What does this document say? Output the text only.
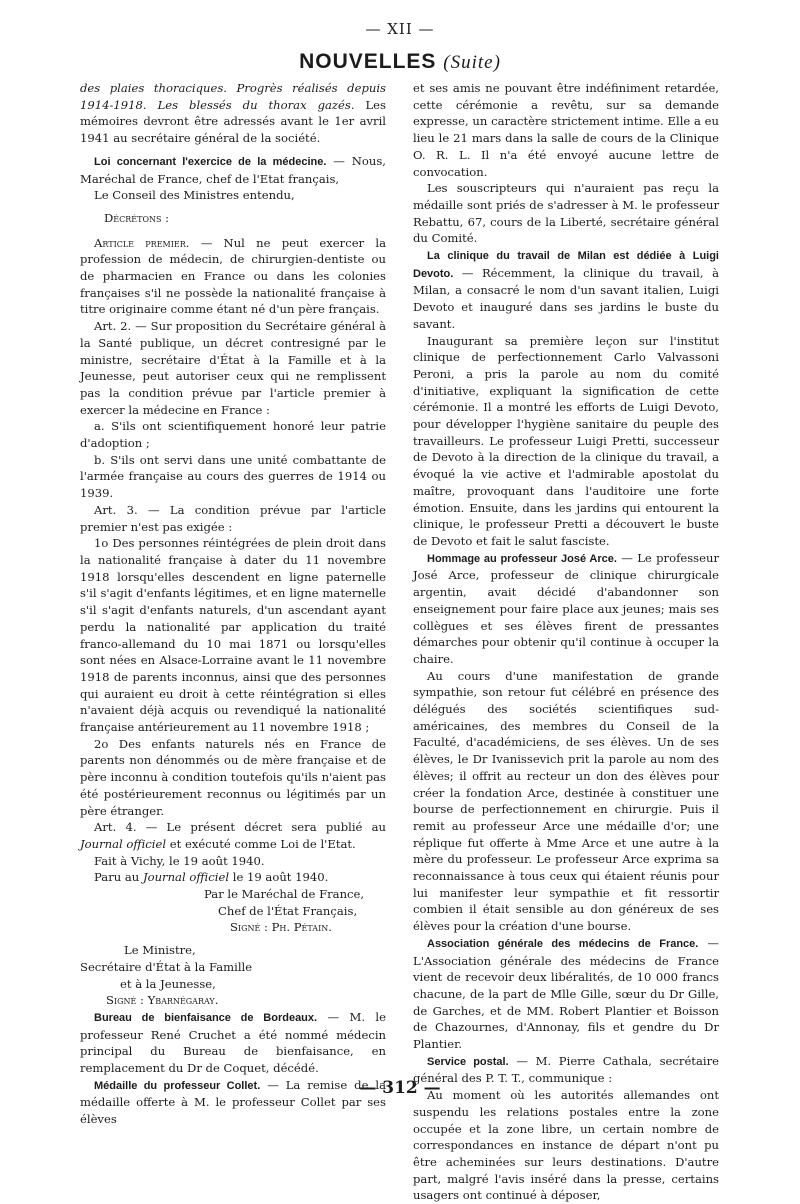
— XII —
NOUVELLES (Suite)

des plaies thoraciques. Progrès réalisés depuis 1914-1918. Les blessés du thorax gazés. Les mémoires devront être adressés avant le 1er avril 1941 au secrétaire général de la société.

Loi concernant l'exercice de la médecine. — Nous, Maréchal de France, chef de l'Etat français,

Le Conseil des Ministres entendu,

Décrétons :

Article premier. — Nul ne peut exercer la profession de médecin, de chirurgien-dentiste ou de pharmacien en France ou dans les colonies françaises s'il ne possède la nationalité française à titre originaire comme étant né d'un père français.

Art. 2. — Sur proposition du Secrétaire général à la Santé publique, un décret contresigné par le ministre, secrétaire d'État à la Famille et à la Jeunesse, peut autoriser ceux qui ne remplissent pas la condition prévue par l'article premier à exercer la médecine en France :

a. S'ils ont scientifiquement honoré leur patrie d'adoption ;

b. S'ils ont servi dans une unité combattante de l'armée française au cours des guerres de 1914 ou 1939.

Art. 3. — La condition prévue par l'article premier n'est pas exigée :

1o Des personnes réintégrées de plein droit dans la nationalité française à dater du 11 novembre 1918 lorsqu'elles descendent en ligne paternelle s'il s'agit d'enfants légitimes, et en ligne maternelle s'il s'agit d'enfants naturels, d'un ascendant ayant perdu la nationalité par application du traité franco-allemand du 10 mai 1871 ou lorsqu'elles sont nées en Alsace-Lorraine avant le 11 novembre 1918 de parents inconnus, ainsi que des personnes qui auraient eu droit à cette réintégration si elles n'avaient déjà acquis ou revendiqué la nationalité française antérieurement au 11 novembre 1918 ;

2o Des enfants naturels nés en France de parents non dénommés ou de mère française et de père inconnu à condition toutefois qu'ils n'aient pas été postérieurement reconnus ou légitimés par un père étranger.

Art. 4. — Le présent décret sera publié au Journal officiel et exécuté comme Loi de l'Etat.

Fait à Vichy, le 19 août 1940.

Paru au Journal officiel le 19 août 1940.

Par le Maréchal de France,

Chef de l'État Français,

Signé : Ph. Pétain.

Le Ministre,

Secrétaire d'État à la Famille

et à la Jeunesse,

Signé : Ybarnégaray.

Bureau de bienfaisance de Bordeaux. — M. le professeur René Cruchet a été nommé médecin principal du Bureau de bienfaisance, en remplacement du Dr de Coquet, décédé.

Médaille du professeur Collet. — La remise de la médaille offerte à M. le professeur Collet par ses élèves

et ses amis ne pouvant être indéfiniment retardée, cette cérémonie a revêtu, sur sa demande expresse, un caractère strictement intime. Elle a eu lieu le 21 mars dans la salle de cours de la Clinique O. R. L. Il n'a été envoyé aucune lettre de convocation.

Les souscripteurs qui n'auraient pas reçu la médaille sont priés de s'adresser à M. le professeur Rebattu, 67, cours de la Liberté, secrétaire général du Comité.

La clinique du travail de Milan est dédiée à Luigi Devoto. — Récemment, la clinique du travail, à Milan, a consacré le nom d'un savant italien, Luigi Devoto et inauguré dans ses jardins le buste du savant.

Inaugurant sa première leçon sur l'institut clinique de perfectionnement Carlo Valvassoni Peroni, a pris la parole au nom du comité d'initiative, expliquant la signification de cette cérémonie. Il a montré les efforts de Luigi Devoto, pour développer l'hygiène sanitaire du peuple des travailleurs. Le professeur Luigi Pretti, successeur de Devoto à la direction de la clinique du travail, a évoqué la vie active et l'admirable apostolat du maître, provoquant dans l'auditoire une forte émotion. Ensuite, dans les jardins qui entourent la clinique, le professeur Pretti a découvert le buste de Devoto et fait le salut fasciste.

Hommage au professeur José Arce. — Le professeur José Arce, professeur de clinique chirurgicale argentin, avait décidé d'abandonner son enseignement pour faire place aux jeunes; mais ses collègues et ses élèves firent de pressantes démarches pour obtenir qu'il continue à occuper la chaire.

Au cours d'une manifestation de grande sympathie, son retour fut célébré en présence des délégués des sociétés scientifiques sud-américaines, des membres du Conseil de la Faculté, d'académiciens, de ses élèves. Un de ses élèves, le Dr Ivanissevich prit la parole au nom des élèves; il offrit au recteur un don des élèves pour créer la fondation Arce, destinée à constituer une bourse de perfectionnement en chirurgie. Puis il remit au professeur Arce une médaille d'or; une réplique fut offerte à Mme Arce et une autre à la mère du professeur. Le professeur Arce exprima sa reconnaissance à tous ceux qui étaient réunis pour lui manifester leur sympathie et fit ressortir combien il était sensible au don généreux de ses élèves pour la création d'une bourse.

Association générale des médecins de France. — L'Association générale des médecins de France vient de recevoir deux libéralités, de 10 000 francs chacune, de la part de Mlle Gille, sœur du Dr Gille, de Garches, et de MM. Robert Plantier et Boisson de Chazournes, d'Annonay, fils et gendre du Dr Plantier.

Service postal. — M. Pierre Cathala, secrétaire général des P. T. T., communique :

Au moment où les autorités allemandes ont suspendu les relations postales entre la zone occupée et la zone libre, un certain nombre de correspondances en instance de départ n'ont pu être acheminées sur leurs destinations. D'autre part, malgré l'avis inséré dans la presse, certains usagers ont continué à déposer,

— 312 —
